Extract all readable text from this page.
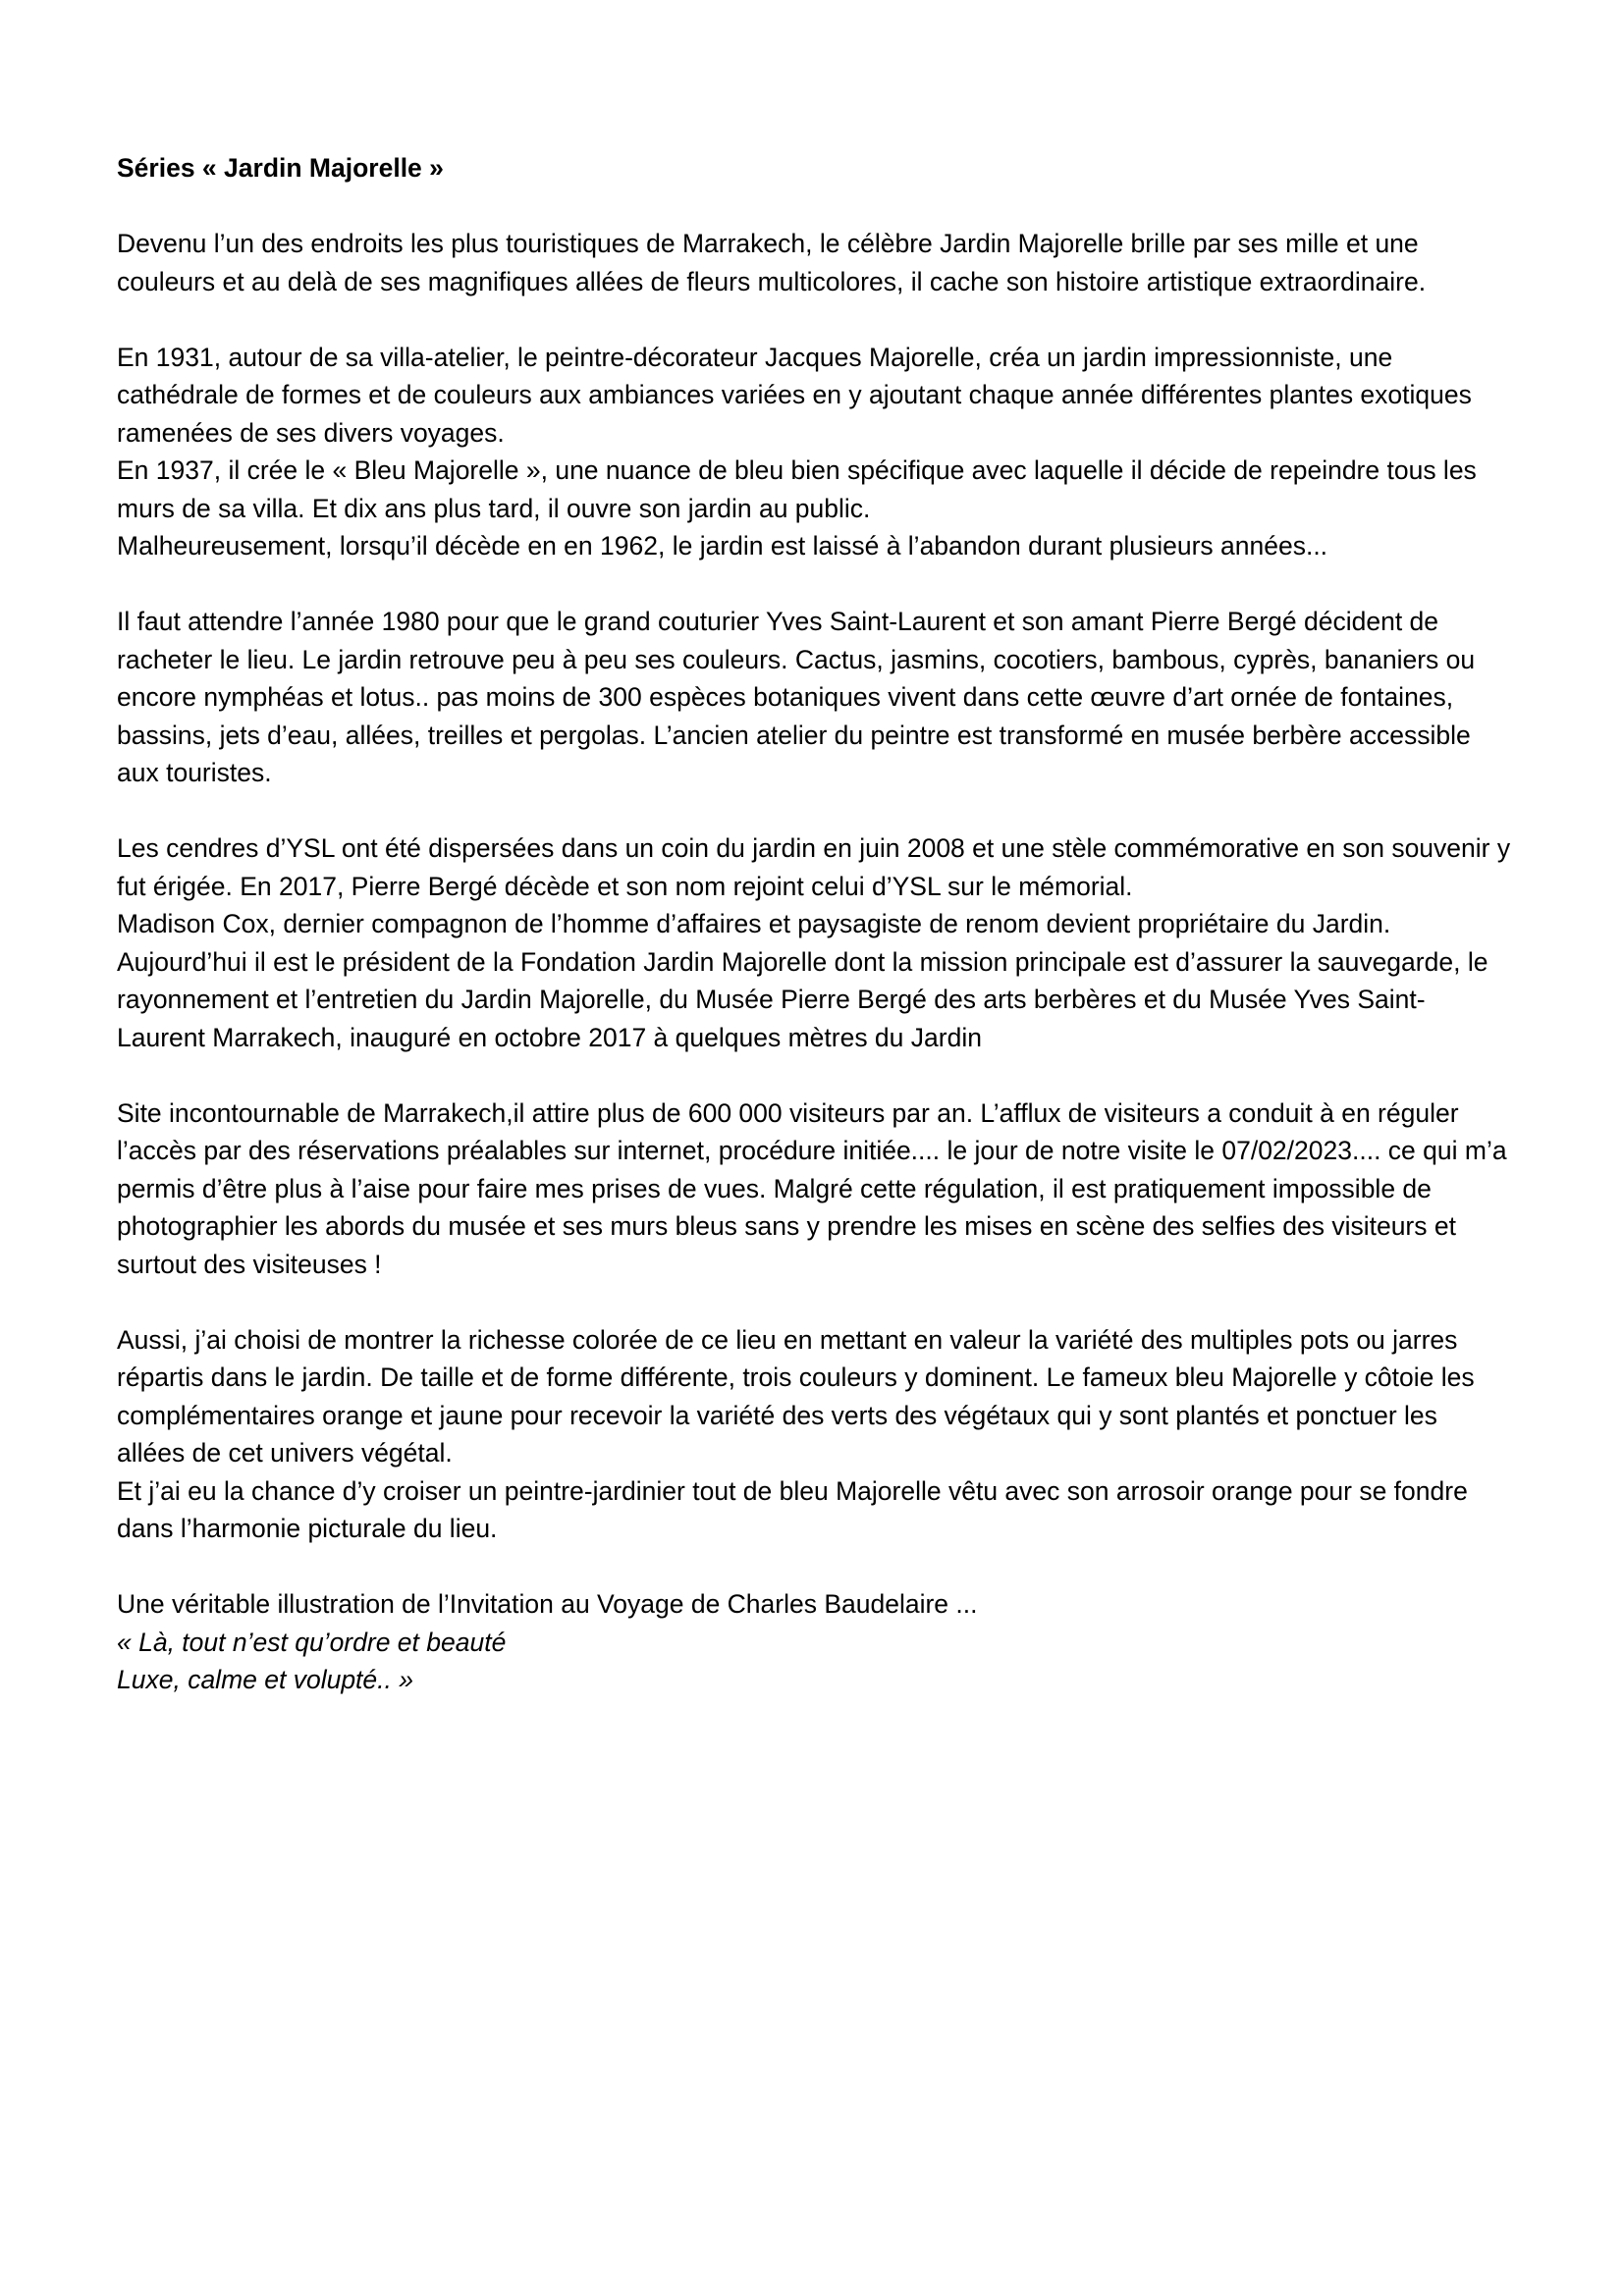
Séries « Jardin Majorelle »

Devenu l’un des endroits les plus touristiques de Marrakech, le célèbre Jardin Majorelle brille par ses mille et une couleurs et au delà de ses magnifiques allées de fleurs multicolores, il cache son histoire artistique extraordinaire.

En 1931, autour de sa villa-atelier, le peintre-décorateur Jacques Majorelle, créa un jardin impressionniste, une cathédrale de formes et de couleurs aux ambiances variées en y ajoutant chaque année différentes plantes exotiques ramenées de ses divers voyages.

En 1937, il crée le « Bleu Majorelle », une nuance de bleu bien spécifique avec laquelle il décide de repeindre tous les murs de sa villa. Et dix ans plus tard, il ouvre son jardin au public.

Malheureusement, lorsqu’il décède en en 1962, le jardin est laissé à l’abandon durant plusieurs années...

Il faut attendre l’année 1980 pour que le grand couturier Yves Saint-Laurent et son amant Pierre Bergé décident de racheter le lieu. Le jardin retrouve peu à peu ses couleurs. Cactus, jasmins, cocotiers, bambous, cyprès, bananiers ou encore nymphéas et lotus.. pas moins de 300 espèces botaniques vivent dans cette œuvre d’art ornée de fontaines, bassins, jets d’eau, allées, treilles et pergolas. L’ancien atelier du peintre est transformé en musée berbère accessible aux touristes.

Les cendres d’YSL ont été dispersées dans un coin du jardin en juin 2008 et une stèle commémorative en son souvenir y fut érigée. En 2017, Pierre Bergé décède et son nom rejoint celui d’YSL sur le mémorial.

Madison Cox, dernier compagnon de l’homme d’affaires et paysagiste de renom devient propriétaire du Jardin.

Aujourd’hui il est le président de la Fondation Jardin Majorelle dont la mission principale est d’assurer la sauvegarde, le rayonnement et l’entretien du Jardin Majorelle, du Musée Pierre Bergé des arts berbères et du Musée Yves Saint-Laurent Marrakech, inauguré en octobre 2017 à quelques mètres du Jardin

Site incontournable de Marrakech,il attire plus de 600 000 visiteurs par an. L’afflux de visiteurs a conduit à en réguler l’accès par des réservations préalables sur internet, procédure initiée.... le jour de notre visite le 07/02/2023.... ce qui m’a permis d’être plus à l’aise pour faire mes prises de vues. Malgré cette régulation, il est pratiquement impossible de photographier les abords du musée et ses murs bleus sans y prendre les mises en scène des selfies des visiteurs et surtout des visiteuses !

Aussi, j’ai choisi de montrer la richesse colorée de ce lieu en mettant en valeur la variété des multiples pots ou jarres répartis dans le jardin. De taille et de forme différente, trois couleurs y dominent. Le fameux bleu Majorelle y côtoie les complémentaires orange et jaune pour recevoir la variété des verts des végétaux qui y sont plantés et ponctuer les allées de cet univers végétal.

Et j’ai eu la chance d’y croiser un peintre-jardinier tout de bleu Majorelle vêtu avec son arrosoir orange pour se fondre dans l’harmonie picturale du lieu.

Une véritable illustration de l’Invitation au Voyage de Charles Baudelaire ...

« Là, tout n’est qu’ordre et beauté

Luxe, calme et volupté.. »
